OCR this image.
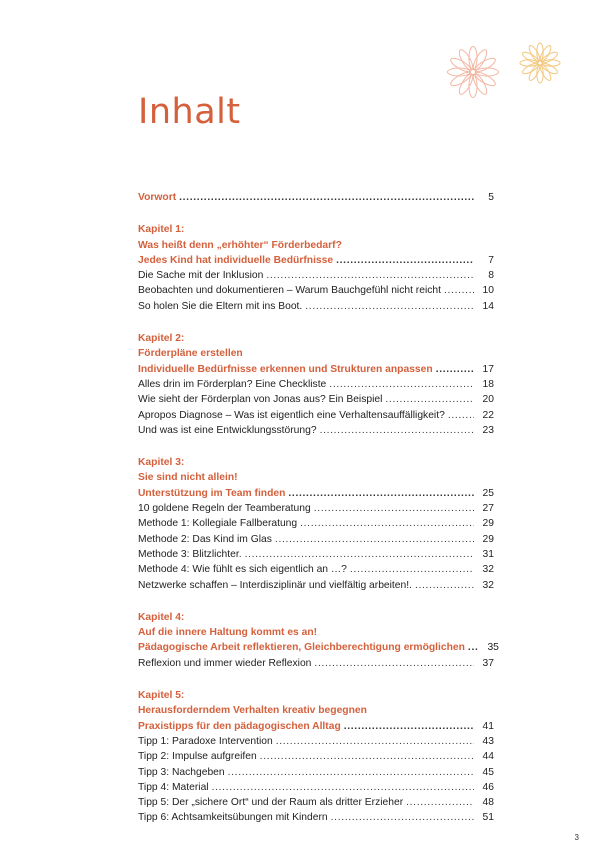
Inhalt
Vorwort . . .	5
Kapitel 1:
Was heißt denn „erhöhter“ Förderbedarf?
Jedes Kind hat individuelle Bedürfnisse . . .	7
Die Sache mit der Inklusion . . .	8
Beobachten und dokumentieren – Warum Bauchgefühl nicht reicht . . .	10
So holen Sie die Eltern mit ins Boot. . . .	14
Kapitel 2:
Förderpläne erstellen
Individuelle Bedürfnisse erkennen und Strukturen anpassen . . .	17
Alles drin im Förderplan? Eine Checkliste . . .	18
Wie sieht der Förderplan von Jonas aus? Ein Beispiel . . .	20
Apropos Diagnose – Was ist eigentlich eine Verhaltensauffälligkeit? . . .	22
Und was ist eine Entwicklungsstörung? . . .	23
Kapitel 3:
Sie sind nicht allein!
Unterstützung im Team finden . . .	25
10 goldene Regeln der Teamberatung . . .	27
Methode 1: Kollegiale Fallberatung . . .	29
Methode 2: Das Kind im Glas . . .	29
Methode 3: Blitzlichter. . . .	31
Methode 4: Wie fühlt es sich eigentlich an …? . . .	32
Netzwerke schaffen – Interdisziplinär und vielfältig arbeiten!. . . .	32
Kapitel 4:
Auf die innere Haltung kommt es an!
Pädagogische Arbeit reflektieren, Gleichberechtigung ermöglichen . . .	35
Reflexion und immer wieder Reflexion . . .	37
Kapitel 5:
Herausforderndem Verhalten kreativ begegnen
Praxistipps für den pädagogischen Alltag . . .	41
Tipp 1: Paradoxe Intervention . . .	43
Tipp 2: Impulse aufgreifen . . .	44
Tipp 3: Nachgeben . . .	45
Tipp 4: Material . . .	46
Tipp 5: Der „sichere Ort“ und der Raum als dritter Erzieher . . .	48
Tipp 6: Achtsamkeitsübungen mit Kindern . . .	51
3
